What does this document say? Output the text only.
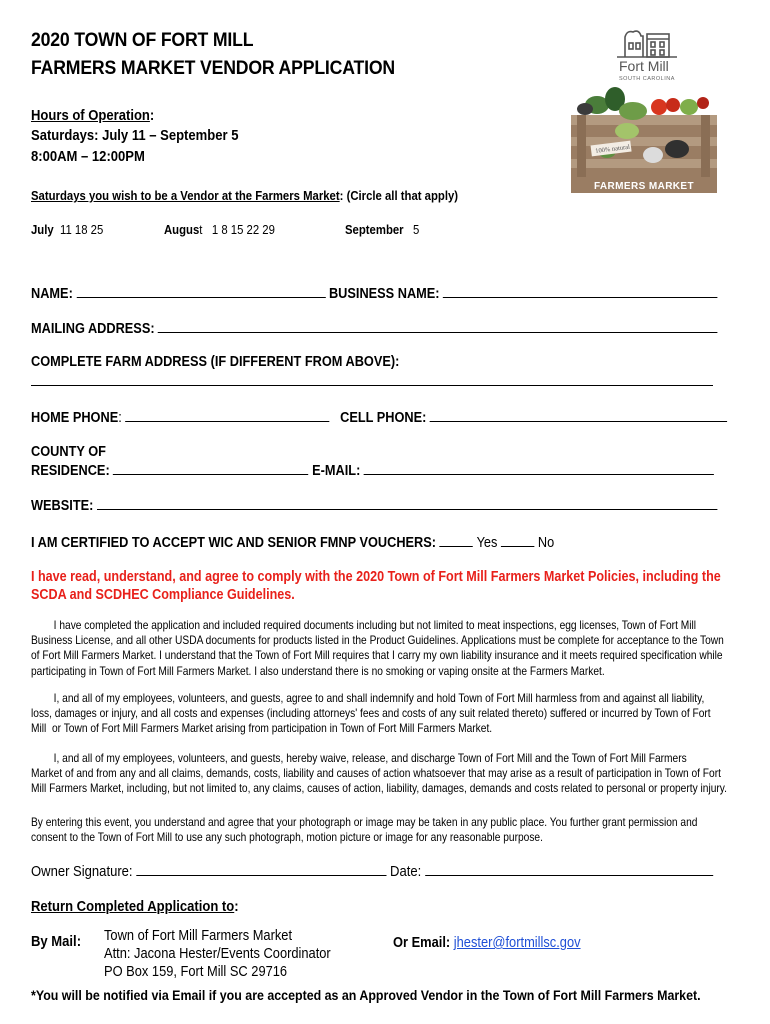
2020 TOWN OF FORT MILL
FARMERS MARKET VENDOR APPLICATION
Hours of Operation:
Saturdays: July 11 – September 5
8:00AM – 12:00PM
Fort Mill
SOUTH CAROLINA
100% natural
FARMERS MARKET
Saturdays you wish to be a Vendor at the Farmers Market: (Circle all that apply)
July 11 18 25	August 1 8 15 22 29	September 5
NAME:	BUSINESS NAME:
MAILING ADDRESS:
COMPLETE FARM ADDRESS (IF DIFFERENT FROM ABOVE):
HOME PHONE:	CELL PHONE:
COUNTY OF
RESIDENCE:	E-MAIL:
WEBSITE:
I AM CERTIFIED TO ACCEPT WIC AND SENIOR FMNP VOUCHERS:	Yes	No
I have read, understand, and agree to comply with the 2020 Town of Fort Mill Farmers Market Policies, including the
SCDA and SCDHEC Compliance Guidelines.
I have completed the application and included required documents including but not limited to meat inspections, egg licenses, Town of Fort Mill
Business License, and all other USDA documents for products listed in the Product Guidelines. Applications must be complete for acceptance to the Town
of Fort Mill Farmers Market. I understand that the Town of Fort Mill requires that I carry my own liability insurance and it meets required specification while
participating in Town of Fort Mill Farmers Market. I also understand there is no smoking or vaping onsite at the Farmers Market.
I, and all of my employees, volunteers, and guests, agree to and shall indemnify and hold Town of Fort Mill harmless from and against all liability,
loss, damages or injury, and all costs and expenses (including attorneys' fees and costs of any suit related thereto) suffered or incurred by Town of Fort
Mill  or Town of Fort Mill Farmers Market arising from participation in Town of Fort Mill Farmers Market.
I, and all of my employees, volunteers, and guests, hereby waive, release, and discharge Town of Fort Mill and the Town of Fort Mill Farmers
Market of and from any and all claims, demands, costs, liability and causes of action whatsoever that may arise as a result of participation in Town of Fort
Mill Farmers Market, including, but not limited to, any claims, causes of action, liability, damages, demands and costs related to personal or property injury.
By entering this event, you understand and agree that your photograph or image may be taken in any public place. You further grant permission and
consent to the Town of Fort Mill to use any such photograph, motion picture or image for any reasonable purpose.
Owner Signature:	Date:
Return Completed Application to:
By Mail: Town of Fort Mill Farmers Market
Attn: Jacona Hester/Events Coordinator
PO Box 159, Fort Mill SC 29716
Or Email: jhester@fortmillsc.gov
*You will be notified via Email if you are accepted as an Approved Vendor in the Town of Fort Mill Farmers Market.
